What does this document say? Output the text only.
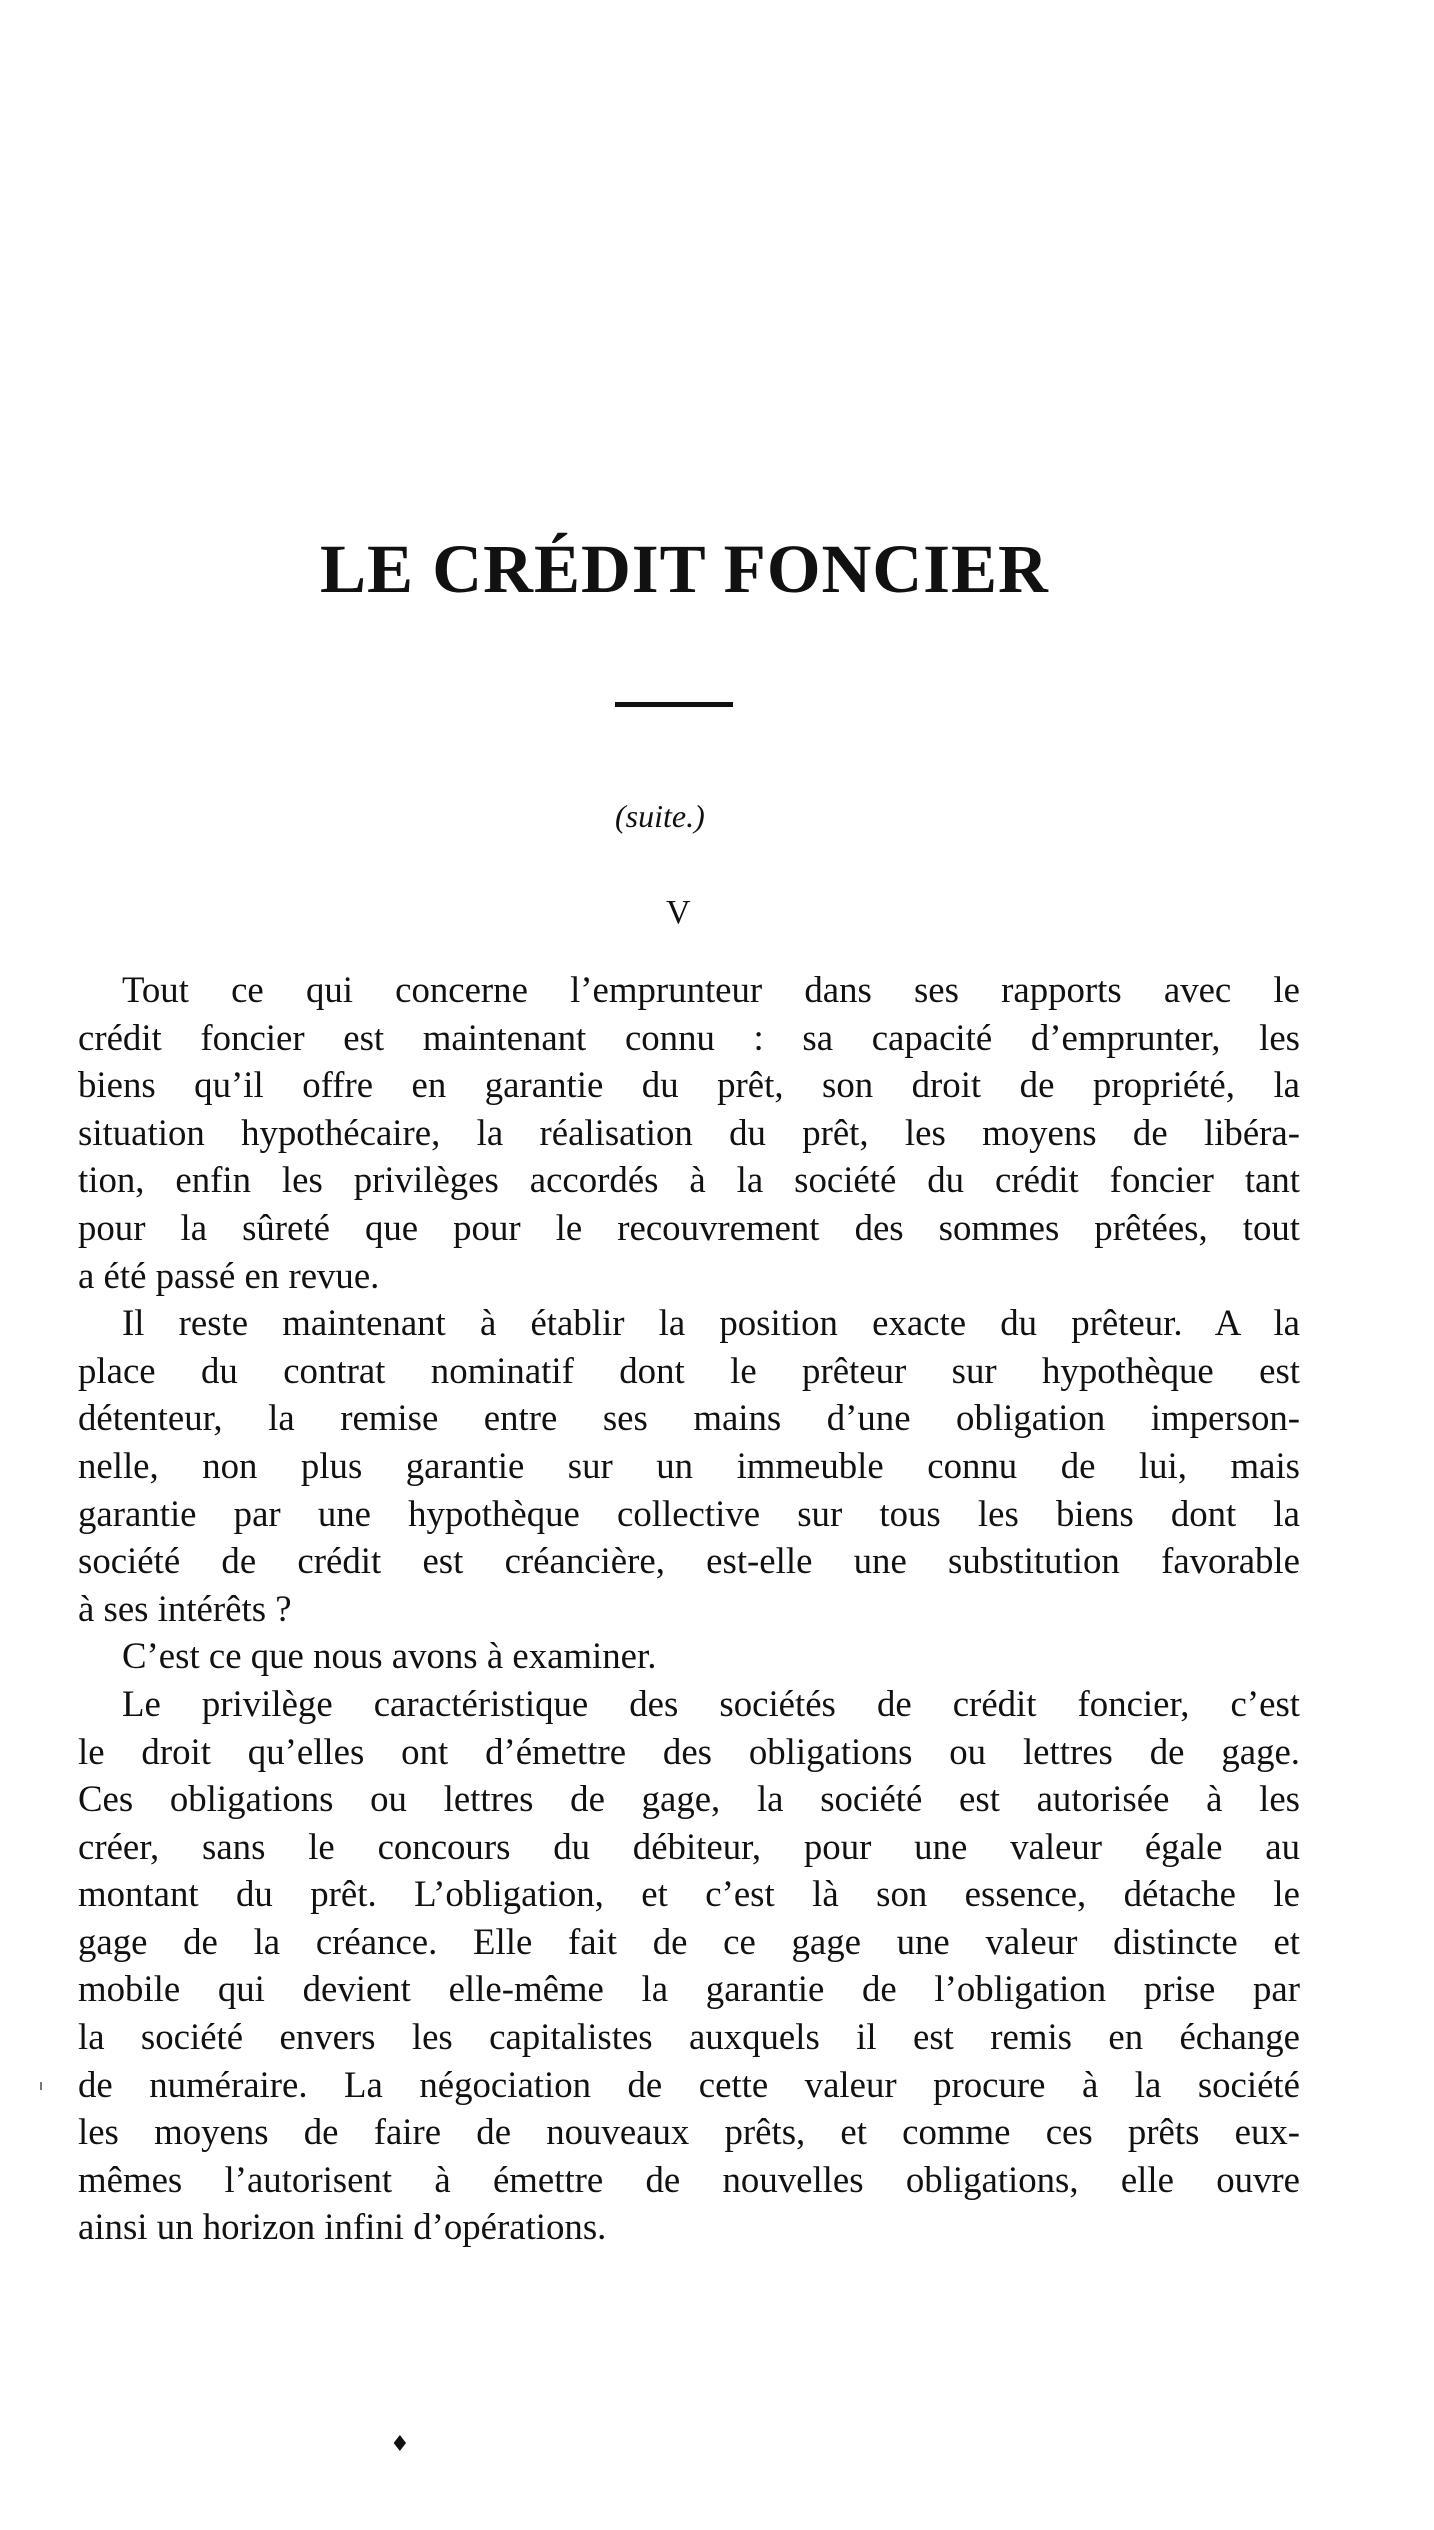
LE CRÉDIT FONCIER
(suite.)
V
Tout ce qui concerne l’emprunteur dans ses rapports avec le
crédit foncier est maintenant connu : sa capacité d’emprunter, les
biens qu’il offre en garantie du prêt, son droit de propriété, la
situation hypothécaire, la réalisation du prêt, les moyens de libéra-
tion, enfin les privilèges accordés à la société du crédit foncier tant
pour la sûreté que pour le recouvrement des sommes prêtées, tout
a été passé en revue.
Il reste maintenant à établir la position exacte du prêteur. A la
place du contrat nominatif dont le prêteur sur hypothèque est
détenteur, la remise entre ses mains d’une obligation imperson-
nelle, non plus garantie sur un immeuble connu de lui, mais
garantie par une hypothèque collective sur tous les biens dont la
société de crédit est créancière, est-elle une substitution favorable
à ses intérêts ?
C’est ce que nous avons à examiner.
Le privilège caractéristique des sociétés de crédit foncier, c’est
le droit qu’elles ont d’émettre des obligations ou lettres de gage.
Ces obligations ou lettres de gage, la société est autorisée à les
créer, sans le concours du débiteur, pour une valeur égale au
montant du prêt. L’obligation, et c’est là son essence, détache le
gage de la créance. Elle fait de ce gage une valeur distincte et
mobile qui devient elle-même la garantie de l’obligation prise par
la société envers les capitalistes auxquels il est remis en échange
de numéraire. La négociation de cette valeur procure à la société
les moyens de faire de nouveaux prêts, et comme ces prêts eux-
mêmes l’autorisent à émettre de nouvelles obligations, elle ouvre
ainsi un horizon infini d’opérations.
♦
